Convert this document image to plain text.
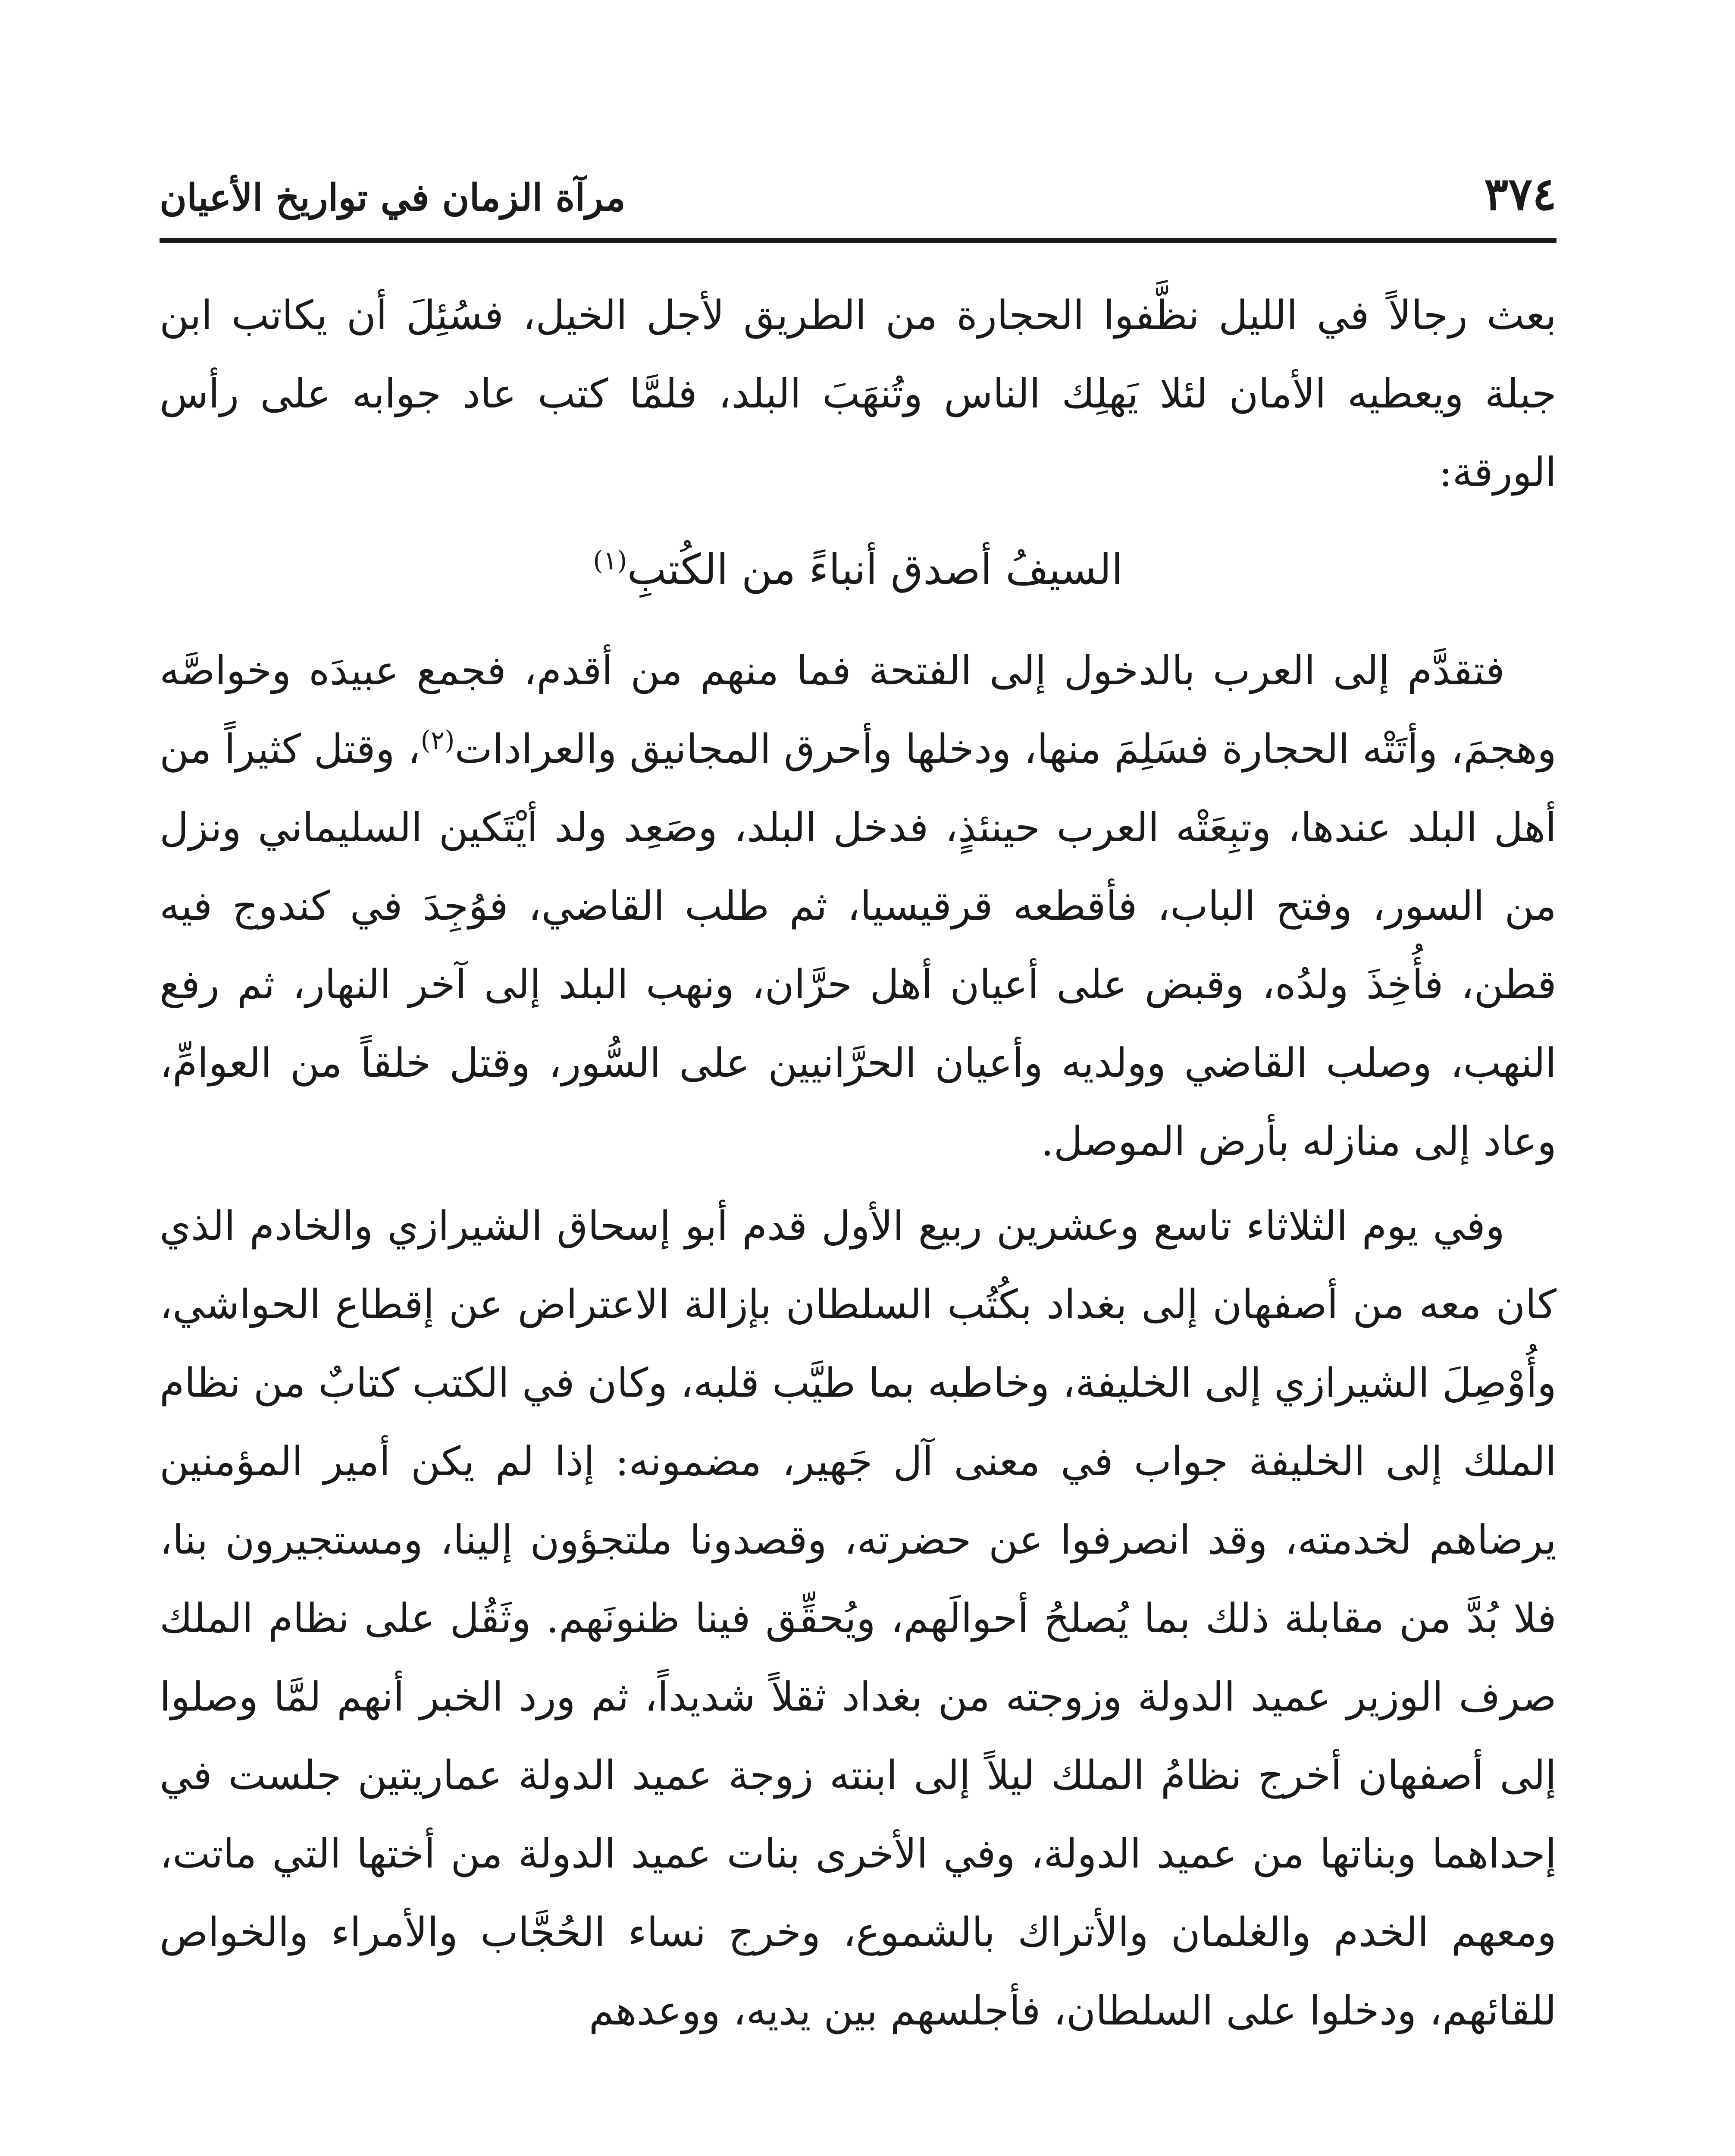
٣٧٤
مرآة الزمان في تواريخ الأعيان

بعث رجالاً في الليل نظَّفوا الحجارة من الطريق لأجل الخيل، فسُئِلَ أن يكاتب ابن جبلة ويعطيه الأمان لئلا يَهلِك الناس وتُنهَبَ البلد، فلمَّا كتب عاد جوابه على رأس الورقة:

السيفُ أصدق أنباءً من الكُتبِ$^{(١)}$

فتقدَّم إلى العرب بالدخول إلى الفتحة فما منهم من أقدم، فجمع عبيدَه وخواصَّه وهجمَ، وأتَتْه الحجارة فسَلِمَ منها، ودخلها وأحرق المجانيق والعرادات$^{(٢)}$، وقتل كثيراً من أهل البلد عندها، وتبِعَتْه العرب حينئذٍ، فدخل البلد، وصَعِد ولد أيْتَكين السليماني ونزل من السور، وفتح الباب، فأقطعه قرقيسيا، ثم طلب القاضي، فوُجِدَ في كندوج فيه قطن، فأُخِذَ ولدُه، وقبض على أعيان أهل حرَّان، ونهب البلد إلى آخر النهار، ثم رفع النهب، وصلب القاضي وولديه وأعيان الحرَّانيين على السُّور، وقتل خلقاً من العوامِّ، وعاد إلى منازله بأرض الموصل.

وفي يوم الثلاثاء تاسع وعشرين ربيع الأول قدم أبو إسحاق الشيرازي والخادم الذي كان معه من أصفهان إلى بغداد بكُتُب السلطان بإزالة الاعتراض عن إقطاع الحواشي، وأُوْصِلَ الشيرازي إلى الخليفة، وخاطبه بما طيَّب قلبه، وكان في الكتب كتابٌ من نظام الملك إلى الخليفة جواب في معنى آل جَهير، مضمونه: إذا لم يكن أمير المؤمنين يرضاهم لخدمته، وقد انصرفوا عن حضرته، وقصدونا ملتجؤون إلينا، ومستجيرون بنا، فلا بُدَّ من مقابلة ذلك بما يُصلحُ أحوالَهم، ويُحقِّق فينا ظنونَهم. وثَقُل على نظام الملك صرف الوزير عميد الدولة وزوجته من بغداد ثقلاً شديداً، ثم ورد الخبر أنهم لمَّا وصلوا إلى أصفهان أخرج نظامُ الملك ليلاً إلى ابنته زوجة عميد الدولة عماريتين جلست في إحداهما وبناتها من عميد الدولة، وفي الأخرى بنات عميد الدولة من أختها التي ماتت، ومعهم الخدم والغلمان والأتراك بالشموع، وخرج نساء الحُجَّاب والأمراء والخواص للقائهم، ودخلوا على السلطان، فأجلسهم بين يديه، ووعدهم
